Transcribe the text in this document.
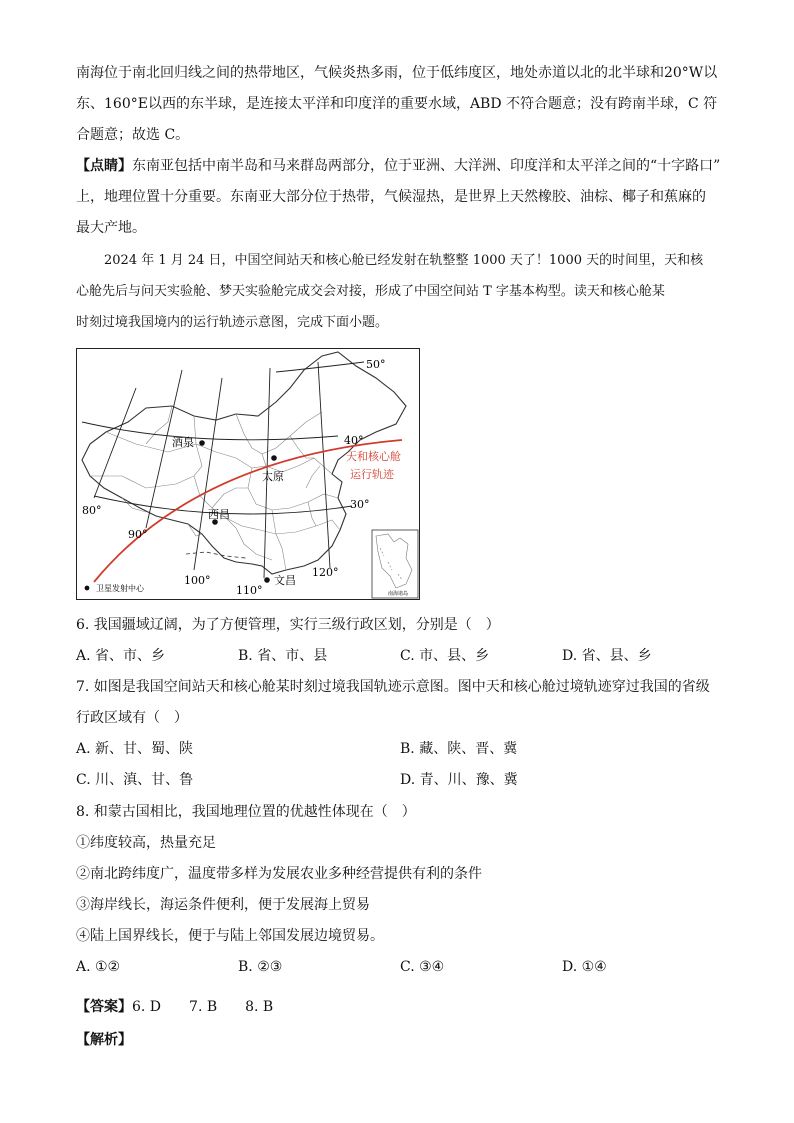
南海位于南北回归线之间的热带地区，气候炎热多雨，位于低纬度区，地处赤道以北的北半球和20°W以

东、160°E以西的东半球，是连接太平洋和印度洋的重要水域，ABD 不符合题意；没有跨南半球，C 符

合题意；故选 C。

【点睛】东南亚包括中南半岛和马来群岛两部分，位于亚洲、大洋洲、印度洋和太平洋之间的“十字路口”

上，地理位置十分重要。东南亚大部分位于热带，气候湿热，是世界上天然橡胶、油棕、椰子和蕉麻的

最大产地。

2024 年 1 月 24 日，中国空间站天和核心舱已经发射在轨整整 1000 天了！1000 天的时间里，天和核

心舱先后与问天实验舱、梦天实验舱完成交会对接，形成了中国空间站 T 字基本构型。读天和核心舱某

时刻过境我国境内的运行轨迹示意图，完成下面小题。

50°
40°
30°
80°
90°
100°
110°
120°
酒泉
太原
西昌
文昌
天和核心舱
运行轨迹
卫星发射中心
南海诸岛
6. 我国疆域辽阔，为了方便管理，实行三级行政区划，分别是（　）
A. 省、市、乡	B. 省、市、县	C. 市、县、乡	D. 省、县、乡
7. 如图是我国空间站天和核心舱某时刻过境我国轨迹示意图。图中天和核心舱过境轨迹穿过我国的省级
行政区域有（　）
A. 新、甘、蜀、陕	B. 藏、陕、晋、冀
C. 川、滇、甘、鲁	D. 青、川、豫、冀
8. 和蒙古国相比，我国地理位置的优越性体现在（　）
①纬度较高，热量充足
②南北跨纬度广，温度带多样为发展农业多种经营提供有利的条件
③海岸线长，海运条件便利，便于发展海上贸易
④陆上国界线长，便于与陆上邻国发展边境贸易。
A. ①②	B. ②③	C. ③④	D. ①④
【答案】6. D　　7. B　　8. B
【解析】
